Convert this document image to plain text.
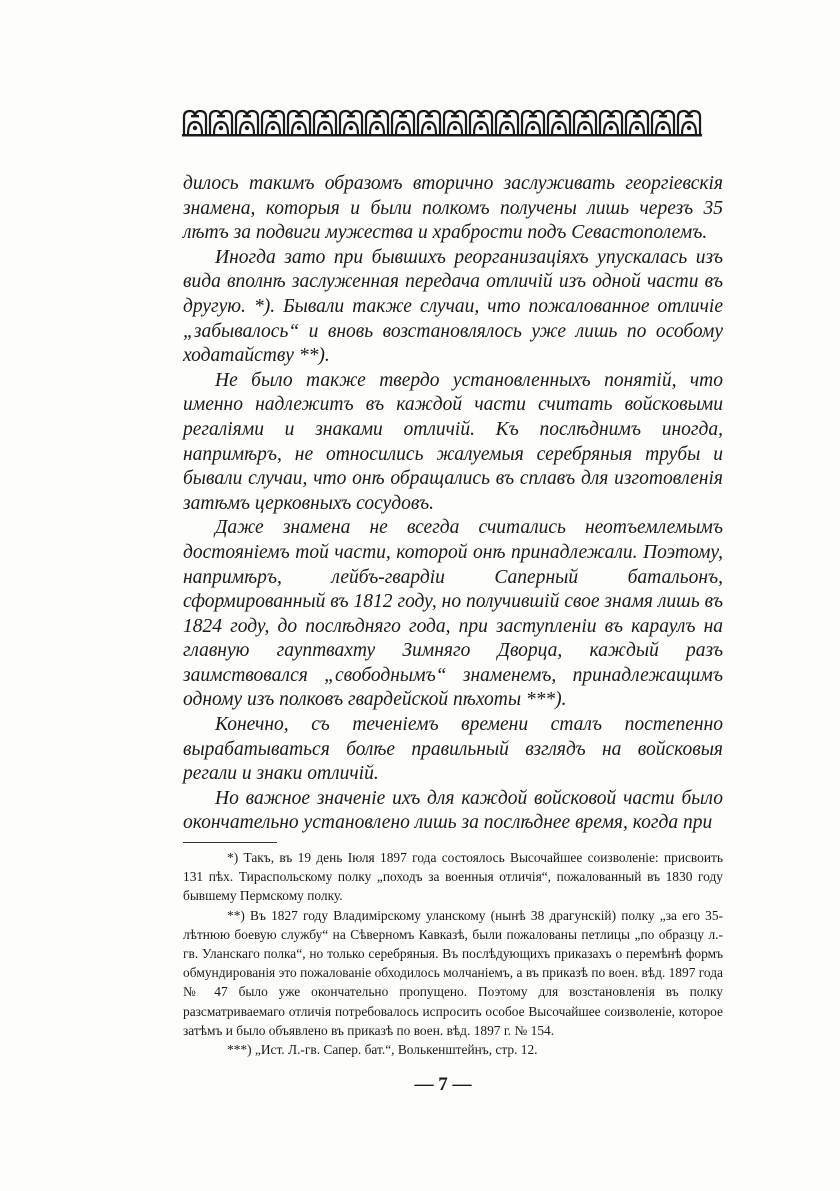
дилось такимъ образомъ вторично заслуживать георгіевскія знамена, которыя и были полкомъ получены лишь черезъ 35 лѣтъ за подвиги мужества и храбрости подъ Севастополемъ.

Иногда зато при бывшихъ реорганизаціяхъ упускалась изъ вида вполнѣ заслуженная передача отличій изъ одной части въ другую. *). Бывали также случаи, что пожалованное отличіе „забывалось“ и вновь возстановлялось уже лишь по особому ходатайству **).

Не было также твердо установленныхъ понятій, что именно надлежитъ въ каждой части считать войсковыми регаліями и знаками отличій. Къ послѣднимъ иногда, напримѣръ, не относились жалуемыя серебряныя трубы и бывали случаи, что онѣ обращались въ сплавъ для изготовленія затѣмъ церковныхъ сосудовъ.

Даже знамена не всегда считались неотъемлемымъ достояніемъ той части, которой онѣ принадлежали. Поэтому, напримѣръ, лейбъ-гвардіи Саперный батальонъ, сформированный въ 1812 году, но получившій свое знамя лишь въ 1824 году, до послѣдняго года, при заступленіи въ караулъ на главную гауптвахту Зимняго Дворца, каждый разъ заимствовался „свободнымъ“ знаменемъ, принадлежащимъ одному изъ полковъ гвардейской пѣхоты ***).

Конечно, съ теченіемъ времени сталъ постепенно вырабатываться болѣе правильный взглядъ на войсковыя регали и знаки отличій.

Но важное значеніе ихъ для каждой войсковой части было окончательно установлено лишь за послѣднее время, когда при

*) Такъ, въ 19 день Іюля 1897 года состоялось Высочайшее соизволеніе: присвоить 131 пѣх. Тираспольскому полку „походъ за военныя отличія“, пожалованный въ 1830 году бывшему Пермскому полку.

**) Въ 1827 году Владимірскому уланскому (нынѣ 38 драгунскій) полку „за его 35-лѣтнюю боевую службу“ на Сѣверномъ Кавказѣ, были пожалованы петлицы „по образцу л.-гв. Уланскаго полка“, но только серебряныя. Въ послѣдующихъ приказахъ о перемѣнѣ формъ обмундированія это пожалованіе обходилось молчаніемъ, а въ приказѣ по воен. вѣд. 1897 года № 47 было уже окончательно пропущено. Поэтому для возстановленія въ полку разсматриваемаго отличія потребовалось испросить особое Высочайшее соизволеніе, которое затѣмъ и было объявлено въ приказѣ по воен. вѣд. 1897 г. № 154.

***) „Ист. Л.-гв. Сапер. бат.“, Волькенштейнъ, стр. 12.

— 7 —
